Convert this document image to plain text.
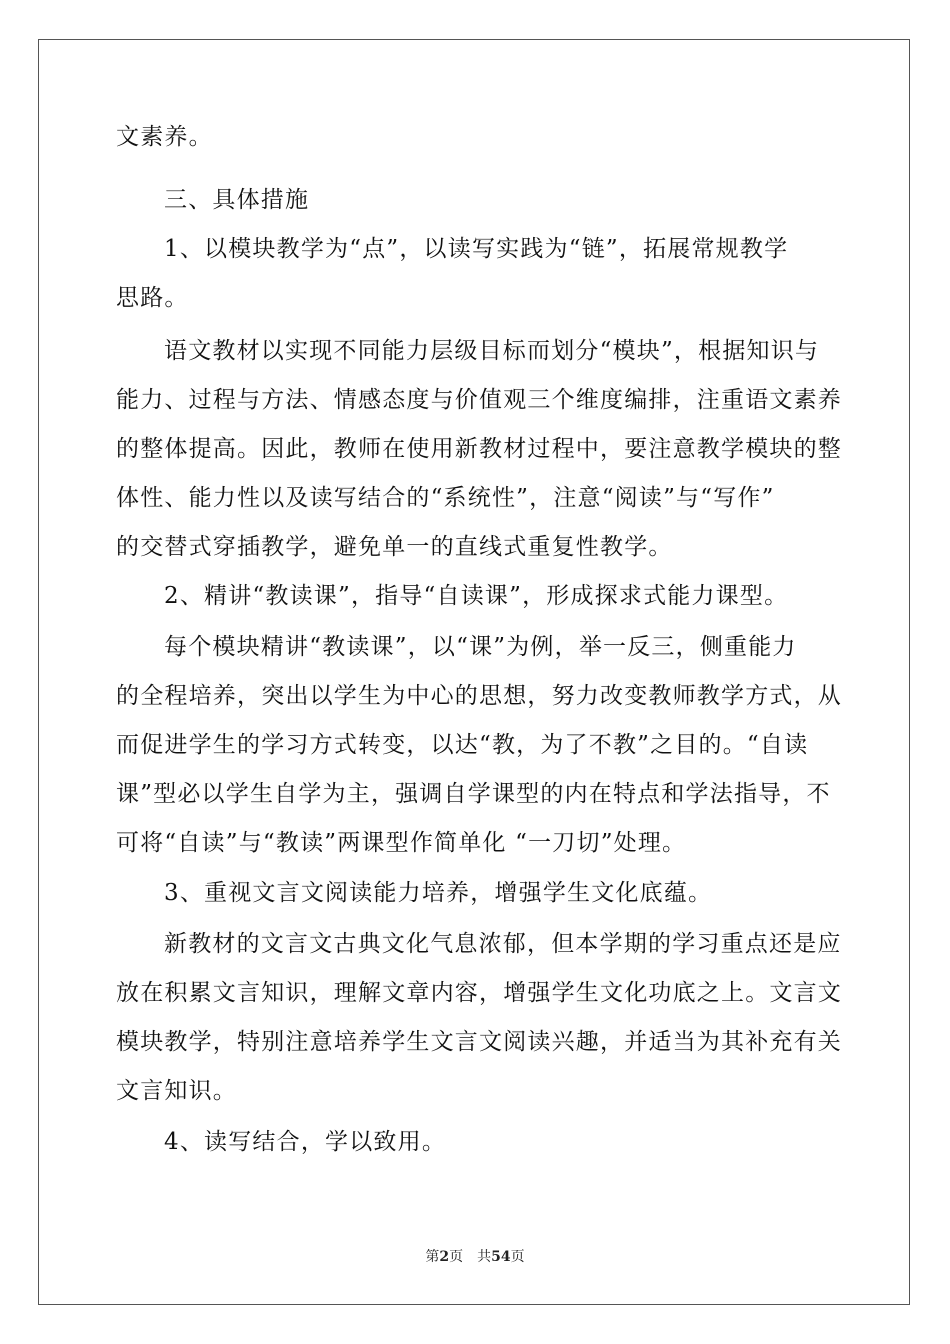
文素养。
三、具体措施
1、以模块教学为“点”，以读写实践为“链”，拓展常规教学
思路。
语文教材以实现不同能力层级目标而划分“模块”，根据知识与
能力、过程与方法、情感态度与价值观三个维度编排，注重语文素养
的整体提高。因此，教师在使用新教材过程中，要注意教学模块的整
体性、能力性以及读写结合的“系统性”，注意“阅读”与“写作”
的交替式穿插教学，避免单一的直线式重复性教学。
2、精讲“教读课”，指导“自读课”，形成探求式能力课型。
每个模块精讲“教读课”，以“课”为例，举一反三，侧重能力
的全程培养，突出以学生为中心的思想，努力改变教师教学方式，从
而促进学生的学习方式转变，以达“教，为了不教”之目的。“自读
课”型必以学生自学为主，强调自学课型的内在特点和学法指导，不
可将“自读”与“教读”两课型作简单化 “一刀切”处理。
3、重视文言文阅读能力培养，增强学生文化底蕴。
新教材的文言文古典文化气息浓郁，但本学期的学习重点还是应
放在积累文言知识，理解文章内容，增强学生文化功底之上。文言文
模块教学，特别注意培养学生文言文阅读兴趣，并适当为其补充有关
文言知识。
4、读写结合，学以致用。
第2页 共54页
